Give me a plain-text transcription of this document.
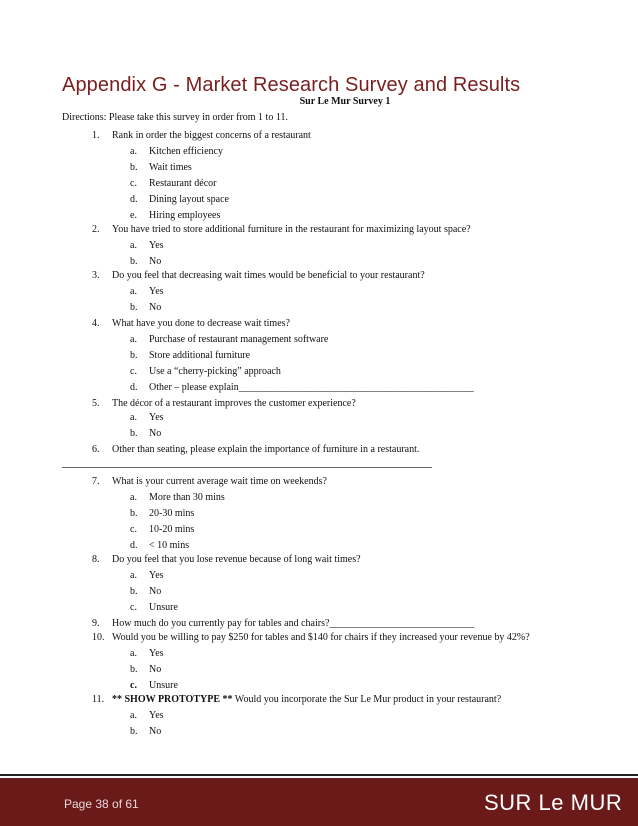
Appendix G - Market Research Survey and Results
Sur Le Mur Survey 1
Directions: Please take this survey in order from 1 to 11.
1. Rank in order the biggest concerns of a restaurant
a. Kitchen efficiency
b. Wait times
c. Restaurant décor
d. Dining layout space
e. Hiring employees
2. You have tried to store additional furniture in the restaurant for maximizing layout space?
a. Yes
b. No
3. Do you feel that decreasing wait times would be beneficial to your restaurant?
a. Yes
b. No
4. What have you done to decrease wait times?
a. Purchase of restaurant management software
b. Store additional furniture
c. Use a “cherry-picking” approach
d. Other – please explain_______________________________________________
5. The décor of a restaurant improves the customer experience?
a. Yes
b. No
6. Other than seating, please explain the importance of furniture in a restaurant.
7. What is your current average wait time on weekends?
a. More than 30 mins
b. 20-30 mins
c. 10-20 mins
d. < 10 mins
8. Do you feel that you lose revenue because of long wait times?
a. Yes
b. No
c. Unsure
9. How much do you currently pay for tables and chairs?_____________________________
10. Would you be willing to pay $250 for tables and $140 for chairs if they increased your revenue by 42%?
a. Yes
b. No
c. Unsure
11. ** SHOW PROTOTYPE ** Would you incorporate the Sur Le Mur product in your restaurant?
a. Yes
b. No
Page 38 of 61	SUR Le MUR
